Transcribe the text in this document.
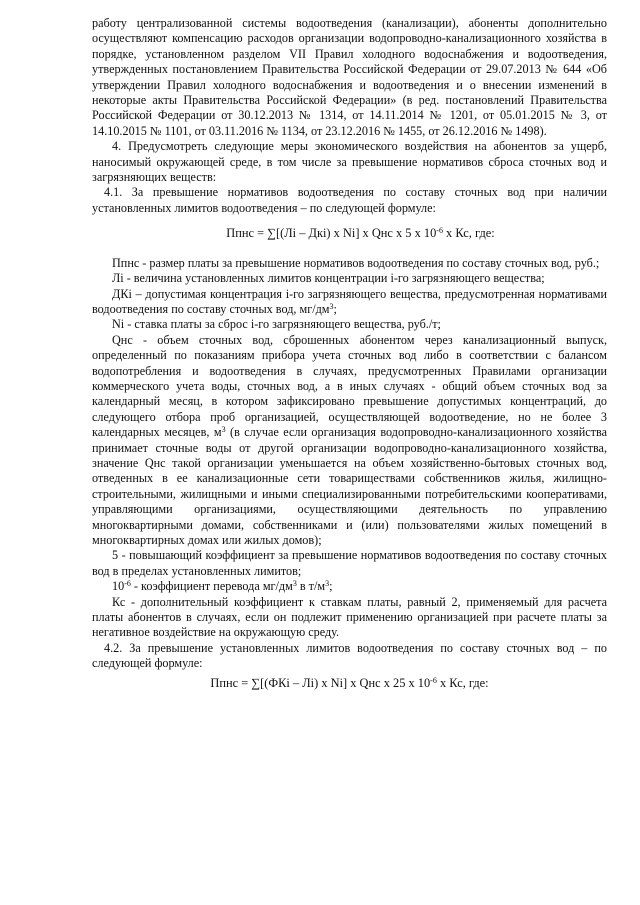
работу централизованной системы водоотведения (канализации), абоненты дополнительно осуществляют компенсацию расходов организации водопроводно-канализационного хозяйства в порядке, установленном разделом VII Правил холодного водоснабжения и водоотведения, утвержденных постановлением Правительства Российской Федерации от 29.07.2013 № 644 «Об утверждении Правил холодного водоснабжения и водоотведения и о внесении изменений в некоторые акты Правительства Российской Федерации» (в ред. постановлений Правительства Российской Федерации от 30.12.2013 № 1314, от 14.11.2014 № 1201, от 05.01.2015 № 3, от 14.10.2015 № 1101, от 03.11.2016 № 1134, от 23.12.2016 № 1455, от 26.12.2016 № 1498).

4. Предусмотреть следующие меры экономического воздействия на абонентов за ущерб, наносимый окружающей среде, в том числе за превышение нормативов сброса сточных вод и загрязняющих веществ:

4.1. За превышение нормативов водоотведения по составу сточных вод при наличии установленных лимитов водоотведения – по следующей формуле:

Ппнс = ∑[(Лi – Дкi) x Ni] x Qнс x 5 x $10^{-6}$ x Кс, где:

Ппнс - размер платы за превышение нормативов водоотведения по составу сточных вод, руб.;

Лi - величина установленных лимитов концентрации i-го загрязняющего вещества;

ДКi – допустимая концентрация i-го загрязняющего вещества, предусмотренная нормативами водоотведения по составу сточных вод, $мг/дм^3$;

Ni - ставка платы за сброс i-го загрязняющего вещества, руб./т;

Qнс - объем сточных вод, сброшенных абонентом через канализационный выпуск, определенный по показаниям прибора учета сточных вод либо в соответствии с балансом водопотребления и водоотведения в случаях, предусмотренных Правилами организации коммерческого учета воды, сточных вод, а в иных случаях - общий объем сточных вод за календарный месяц, в котором зафиксировано превышение допустимых концентраций, до следующего отбора проб организацией, осуществляющей водоотведение, но не более 3 календарных месяцев, $м^3$ (в случае если организация водопроводно-канализационного хозяйства принимает сточные воды от другой организации водопроводно-канализационного хозяйства, значение Qнс такой организации уменьшается на объем хозяйственно-бытовых сточных вод, отведенных в ее канализационные сети товариществами собственников жилья, жилищно-строительными, жилищными и иными специализированными потребительскими кооперативами, управляющими организациями, осуществляющими деятельность по управлению многоквартирными домами, собственниками и (или) пользователями жилых помещений в многоквартирных домах или жилых домов);

5 - повышающий коэффициент за превышение нормативов водоотведения по составу сточных вод в пределах установленных лимитов;

$10^{-6}$ - коэффициент перевода $мг/дм^3$ в $т/м^3$;

Кс - дополнительный коэффициент к ставкам платы, равный 2, применяемый для расчета платы абонентов в случаях, если он подлежит применению организацией при расчете платы за негативное воздействие на окружающую среду.

4.2. За превышение установленных лимитов водоотведения по составу сточных вод – по следующей формуле:

Ппнс = ∑[(ФКi – Лi) x Ni] x Qнс x 25 x $10^{-6}$ x Кс, где:
